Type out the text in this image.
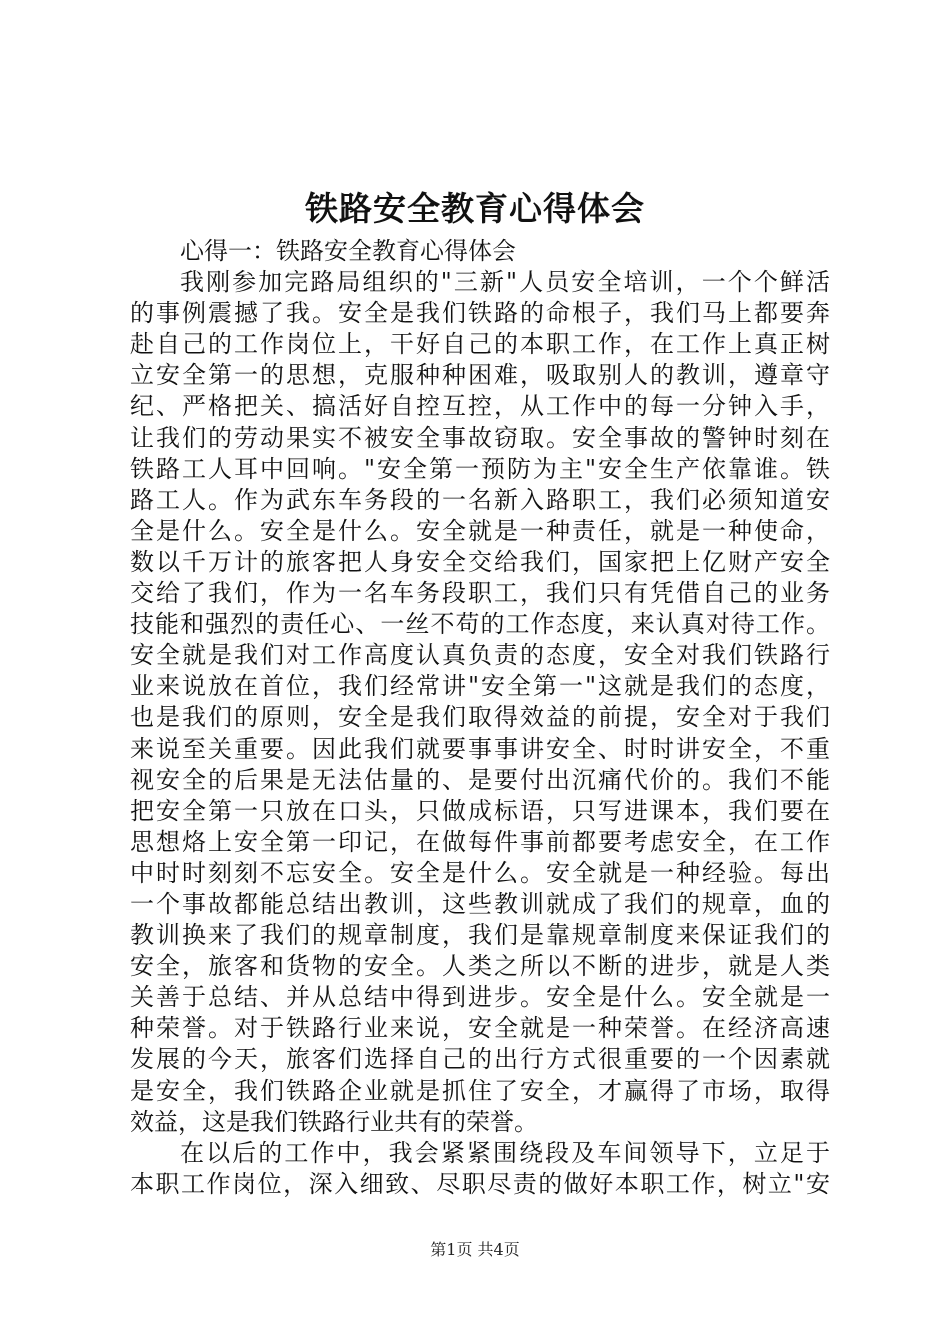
铁路安全教育心得体会
心得一：铁路安全教育心得体会
我刚参加完路局组织的"三新"人员安全培训，一个个鲜活
的事例震撼了我。安全是我们铁路的命根子，我们马上都要奔
赴自己的工作岗位上，干好自己的本职工作，在工作上真正树
立安全第一的思想，克服种种困难，吸取别人的教训，遵章守
纪、严格把关、搞活好自控互控，从工作中的每一分钟入手，
让我们的劳动果实不被安全事故窃取。安全事故的警钟时刻在
铁路工人耳中回响。"安全第一预防为主"安全生产依靠谁。铁
路工人。作为武东车务段的一名新入路职工，我们必须知道安
全是什么。安全是什么。安全就是一种责任，就是一种使命，
数以千万计的旅客把人身安全交给我们，国家把上亿财产安全
交给了我们，作为一名车务段职工，我们只有凭借自己的业务
技能和强烈的责任心、一丝不苟的工作态度，来认真对待工作。
安全就是我们对工作高度认真负责的态度，安全对我们铁路行
业来说放在首位，我们经常讲"安全第一"这就是我们的态度，
也是我们的原则，安全是我们取得效益的前提，安全对于我们
来说至关重要。因此我们就要事事讲安全、时时讲安全，不重
视安全的后果是无法估量的、是要付出沉痛代价的。我们不能
把安全第一只放在口头，只做成标语，只写进课本，我们要在
思想烙上安全第一印记，在做每件事前都要考虑安全，在工作
中时时刻刻不忘安全。安全是什么。安全就是一种经验。每出
一个事故都能总结出教训，这些教训就成了我们的规章，血的
教训换来了我们的规章制度，我们是靠规章制度来保证我们的
安全，旅客和货物的安全。人类之所以不断的进步，就是人类
关善于总结、并从总结中得到进步。安全是什么。安全就是一
种荣誉。对于铁路行业来说，安全就是一种荣誉。在经济高速
发展的今天，旅客们选择自己的出行方式很重要的一个因素就
是安全，我们铁路企业就是抓住了安全，才赢得了市场，取得
效益，这是我们铁路行业共有的荣誉。
在以后的工作中，我会紧紧围绕段及车间领导下，立足于
本职工作岗位，深入细致、尽职尽责的做好本职工作，树立"安
第1页 共4页
